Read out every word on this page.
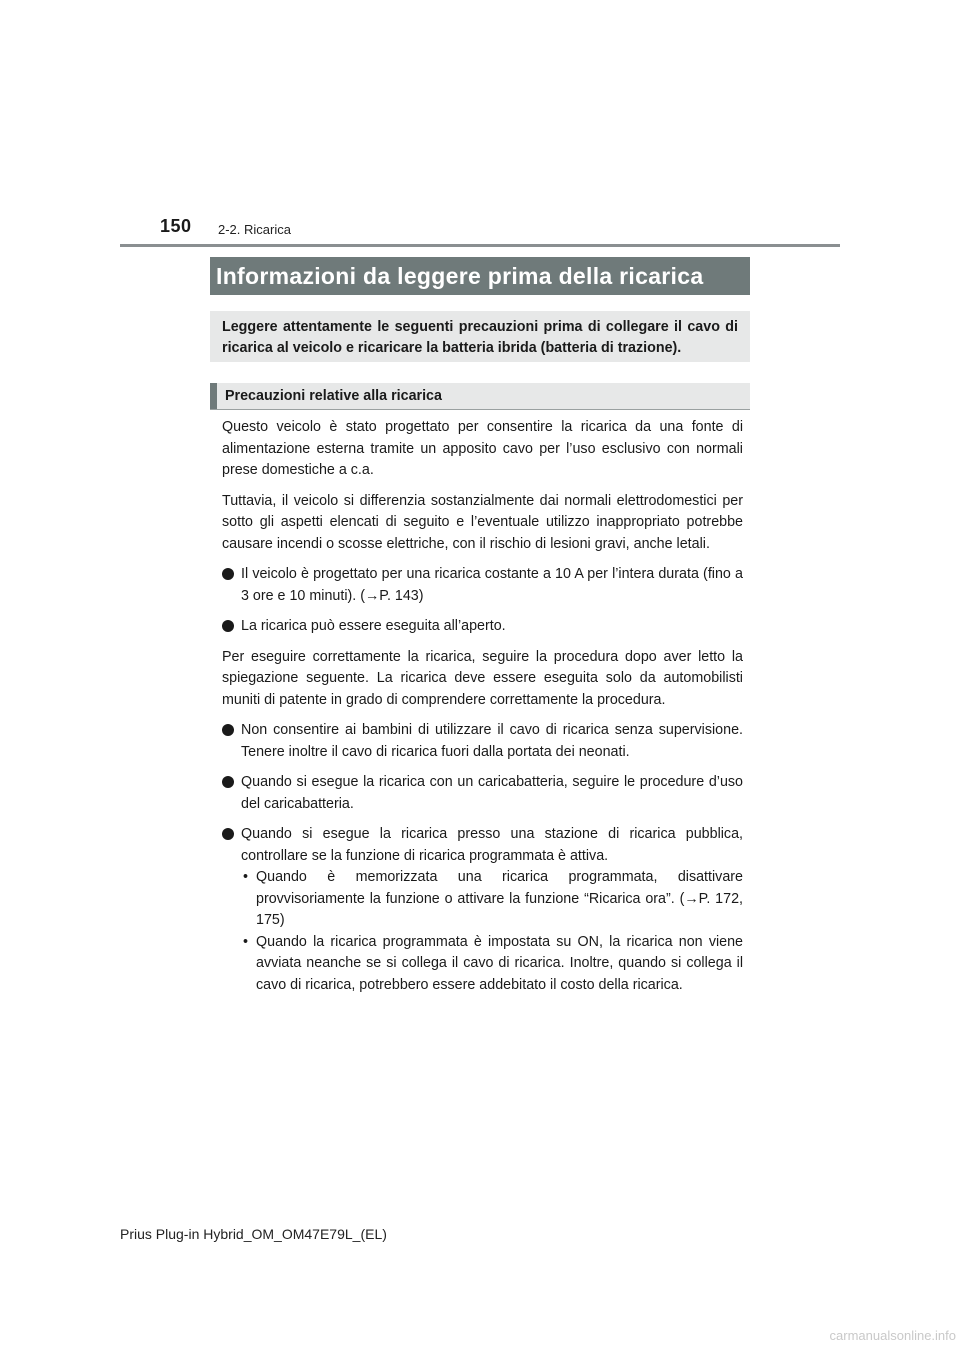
150 2-2. Ricarica
Informazioni da leggere prima della ricarica
Leggere attentamente le seguenti precauzioni prima di collegare il cavo di ricarica al veicolo e ricaricare la batteria ibrida (batteria di trazione).
Precauzioni relative alla ricarica

Questo veicolo è stato progettato per consentire la ricarica da una fonte di alimentazione esterna tramite un apposito cavo per l’uso esclusivo con normali prese domestiche a c.a.

Tuttavia, il veicolo si differenzia sostanzialmente dai normali elettrodomestici per sotto gli aspetti elencati di seguito e l’eventuale utilizzo inappropriato potrebbe causare incendi o scosse elettriche, con il rischio di lesioni gravi, anche letali.

Il veicolo è progettato per una ricarica costante a 10 A per l’intera durata (fino a 3 ore e 10 minuti). (→P. 143)
La ricarica può essere eseguita all’aperto.

Per eseguire correttamente la ricarica, seguire la procedura dopo aver letto la spiegazione seguente. La ricarica deve essere eseguita solo da automobilisti muniti di patente in grado di comprendere correttamente la procedura.

Non consentire ai bambini di utilizzare il cavo di ricarica senza supervisione. Tenere inoltre il cavo di ricarica fuori dalla portata dei neonati.
Quando si esegue la ricarica con un caricabatteria, seguire le procedure d’uso del caricabatteria.
Quando si esegue la ricarica presso una stazione di ricarica pubblica, controllare se la funzione di ricarica programmata è attiva.
• Quando è memorizzata una ricarica programmata, disattivare provvisoriamente la funzione o attivare la funzione “Ricarica ora”. (→P. 172, 175)
• Quando la ricarica programmata è impostata su ON, la ricarica non viene avviata neanche se si collega il cavo di ricarica. Inoltre, quando si collega il cavo di ricarica, potrebbero essere addebitato il costo della ricarica.
Prius Plug-in Hybrid_OM_OM47E79L_(EL)
carmanualsonline.info
